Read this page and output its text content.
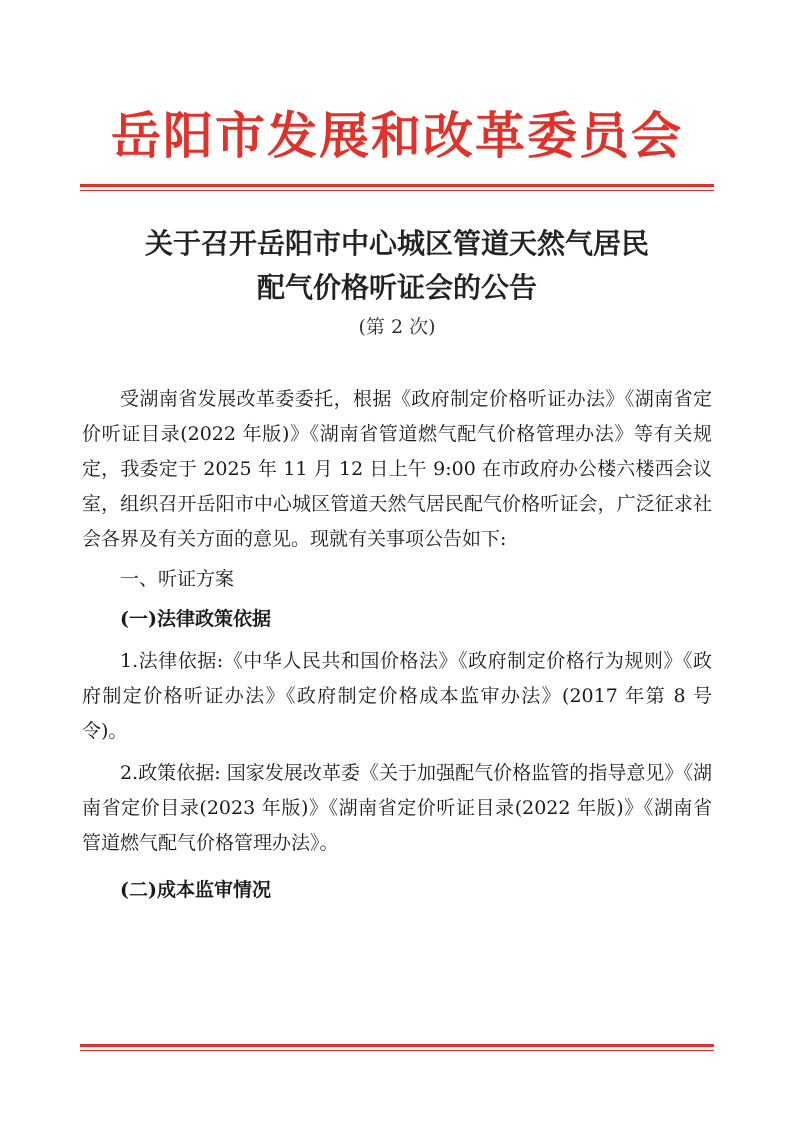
岳阳市发展和改革委员会
关于召开岳阳市中心城区管道天然气居民
配气价格听证会的公告
(第 2 次)

受湖南省发展改革委委托，根据《政府制定价格听证办法》《湖南省定价听证目录(2022 年版)》《湖南省管道燃气配气价格管理办法》等有关规定，我委定于 2025 年 11 月 12 日上午 9:00 在市政府办公楼六楼西会议室，组织召开岳阳市中心城区管道天然气居民配气价格听证会，广泛征求社会各界及有关方面的意见。现就有关事项公告如下:

一、听证方案

(一)法律政策依据

1.法律依据:《中华人民共和国价格法》《政府制定价格行为规则》《政府制定价格听证办法》《政府制定价格成本监审办法》(2017 年第 8 号令)。

2.政策依据: 国家发展改革委《关于加强配气价格监管的指导意见》《湖南省定价目录(2023 年版)》《湖南省定价听证目录(2022 年版)》《湖南省管道燃气配气价格管理办法》。

(二)成本监审情况
